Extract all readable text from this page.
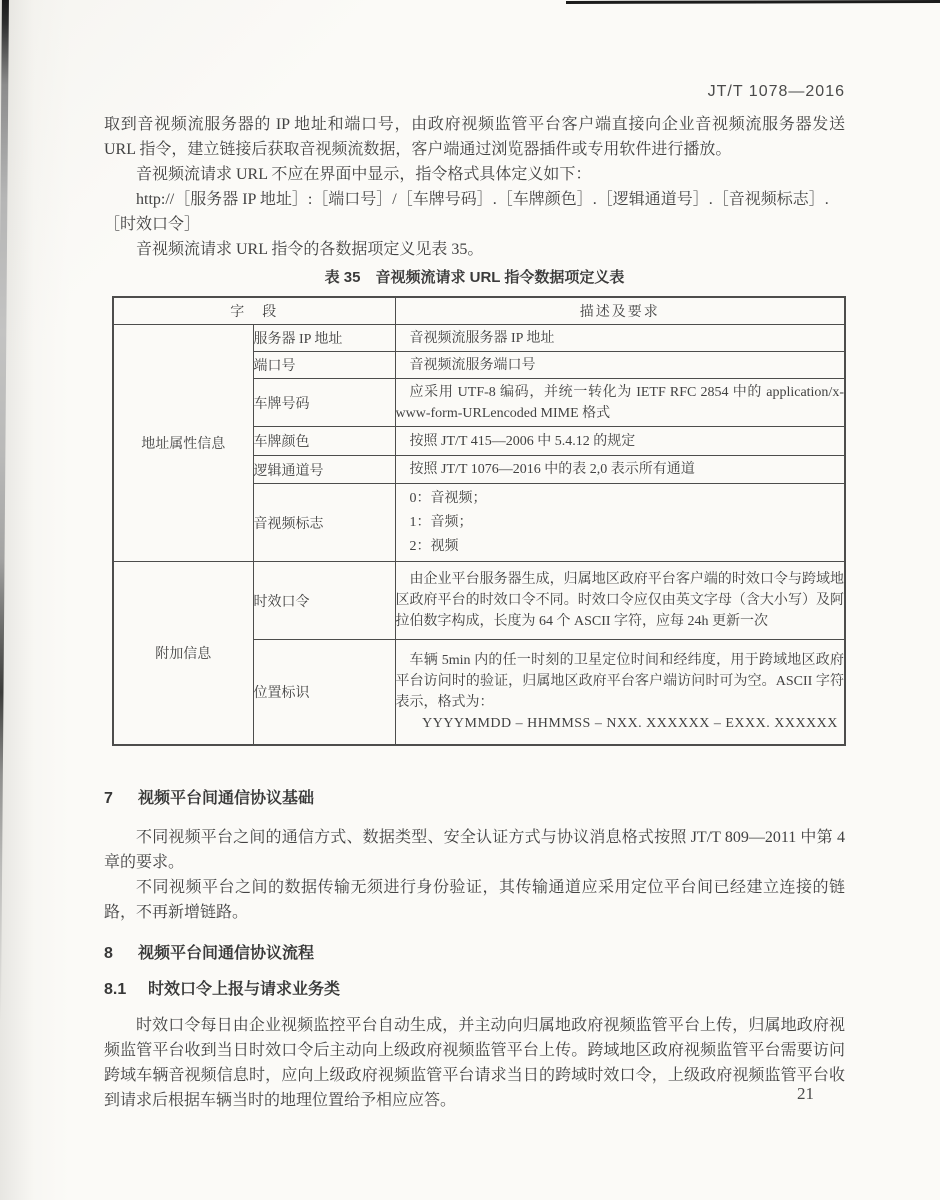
JT/T 1078—2016

取到音视频流服务器的 IP 地址和端口号，由政府视频监管平台客户端直接向企业音视频流服务器发送 URL 指令，建立链接后获取音视频流数据，客户端通过浏览器插件或专用软件进行播放。

音视频流请求 URL 不应在界面中显示，指令格式具体定义如下：

http://［服务器 IP 地址］:［端口号］/［车牌号码］.［车牌颜色］.［逻辑通道号］.［音视频标志］.
［时效口令］

音视频流请求 URL 指令的各数据项定义见表 35。

表 35　音视频流请求 URL 指令数据项定义表
字　段		描述及要求
地址属性信息	服务器 IP 地址	音视频流服务器 IP 地址

	端口号	音视频流服务端口号

	车牌号码	应采用 UTF-8 编码，并统一转化为 IETF RFC 2854 中的 application/x-www-form-URLencoded MIME 格式

	车牌颜色	按照 JT/T 415—2006 中 5.4.12 的规定

	逻辑通道号	按照 JT/T 1076—2016 中的表 2,0 表示所有通道

	音视频标志	0：音视频；
1：音频；
2：视频

附加信息	时效口令	由企业平台服务器生成，归属地区政府平台客户端的时效口令与跨域地区政府平台的时效口令不同。时效口令应仅由英文字母（含大小写）及阿拉伯数字构成，长度为 64 个 ASCII 字符，应每 24h 更新一次

	位置标识	车辆 5min 内的任一时刻的卫星定位时间和经纬度，用于跨域地区政府平台访问时的验证，归属地区政府平台客户端访问时可为空。ASCII 字符表示，格式为：
YYYYMMDD – HHMMSS – NXX. XXXXXX – EXXX. XXXXXX
7 视频平台间通信协议基础

不同视频平台之间的通信方式、数据类型、安全认证方式与协议消息格式按照 JT/T 809—2011 中第 4 章的要求。

不同视频平台之间的数据传输无须进行身份验证，其传输通道应采用定位平台间已经建立连接的链路，不再新增链路。

8 视频平台间通信协议流程
8.1 时效口令上报与请求业务类

时效口令每日由企业视频监控平台自动生成，并主动向归属地政府视频监管平台上传，归属地政府视频监管平台收到当日时效口令后主动向上级政府视频监管平台上传。跨域地区政府视频监管平台需要访问跨域车辆音视频信息时，应向上级政府视频监管平台请求当日的跨域时效口令，上级政府视频监管平台收到请求后根据车辆当时的地理位置给予相应应答。	21
